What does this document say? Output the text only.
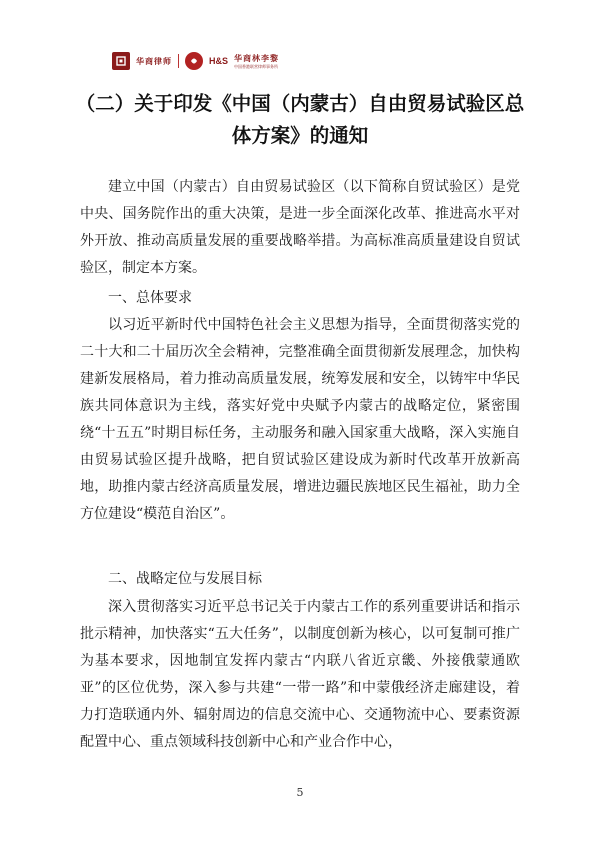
华商律师	H&S 华商林李黎
中国香港联营律师事务所
（二）关于印发《中国（内蒙古）自由贸易试验区总
体方案》的通知

建立中国（内蒙古）自由贸易试验区（以下简称自贸试验区）是党中央、国务院作出的重大决策，是进一步全面深化改革、推进高水平对外开放、推动高质量发展的重要战略举措。为高标准高质量建设自贸试验区，制定本方案。

一、总体要求

以习近平新时代中国特色社会主义思想为指导，全面贯彻落实党的二十大和二十届历次全会精神，完整准确全面贯彻新发展理念，加快构建新发展格局，着力推动高质量发展，统筹发展和安全，以铸牢中华民族共同体意识为主线，落实好党中央赋予内蒙古的战略定位，紧密围绕“十五五”时期目标任务，主动服务和融入国家重大战略，深入实施自由贸易试验区提升战略，把自贸试验区建设成为新时代改革开放新高地，助推内蒙古经济高质量发展，增进边疆民族地区民生福祉，助力全方位建设“模范自治区”。

二、战略定位与发展目标

深入贯彻落实习近平总书记关于内蒙古工作的系列重要讲话和指示批示精神，加快落实“五大任务”，以制度创新为核心，以可复制可推广为基本要求，因地制宜发挥内蒙古“内联八省近京畿、外接俄蒙通欧亚”的区位优势，深入参与共建“一带一路”和中蒙俄经济走廊建设，着力打造联通内外、辐射周边的信息交流中心、交通物流中心、要素资源配置中心、重点领域科技创新中心和产业合作中心，

5
